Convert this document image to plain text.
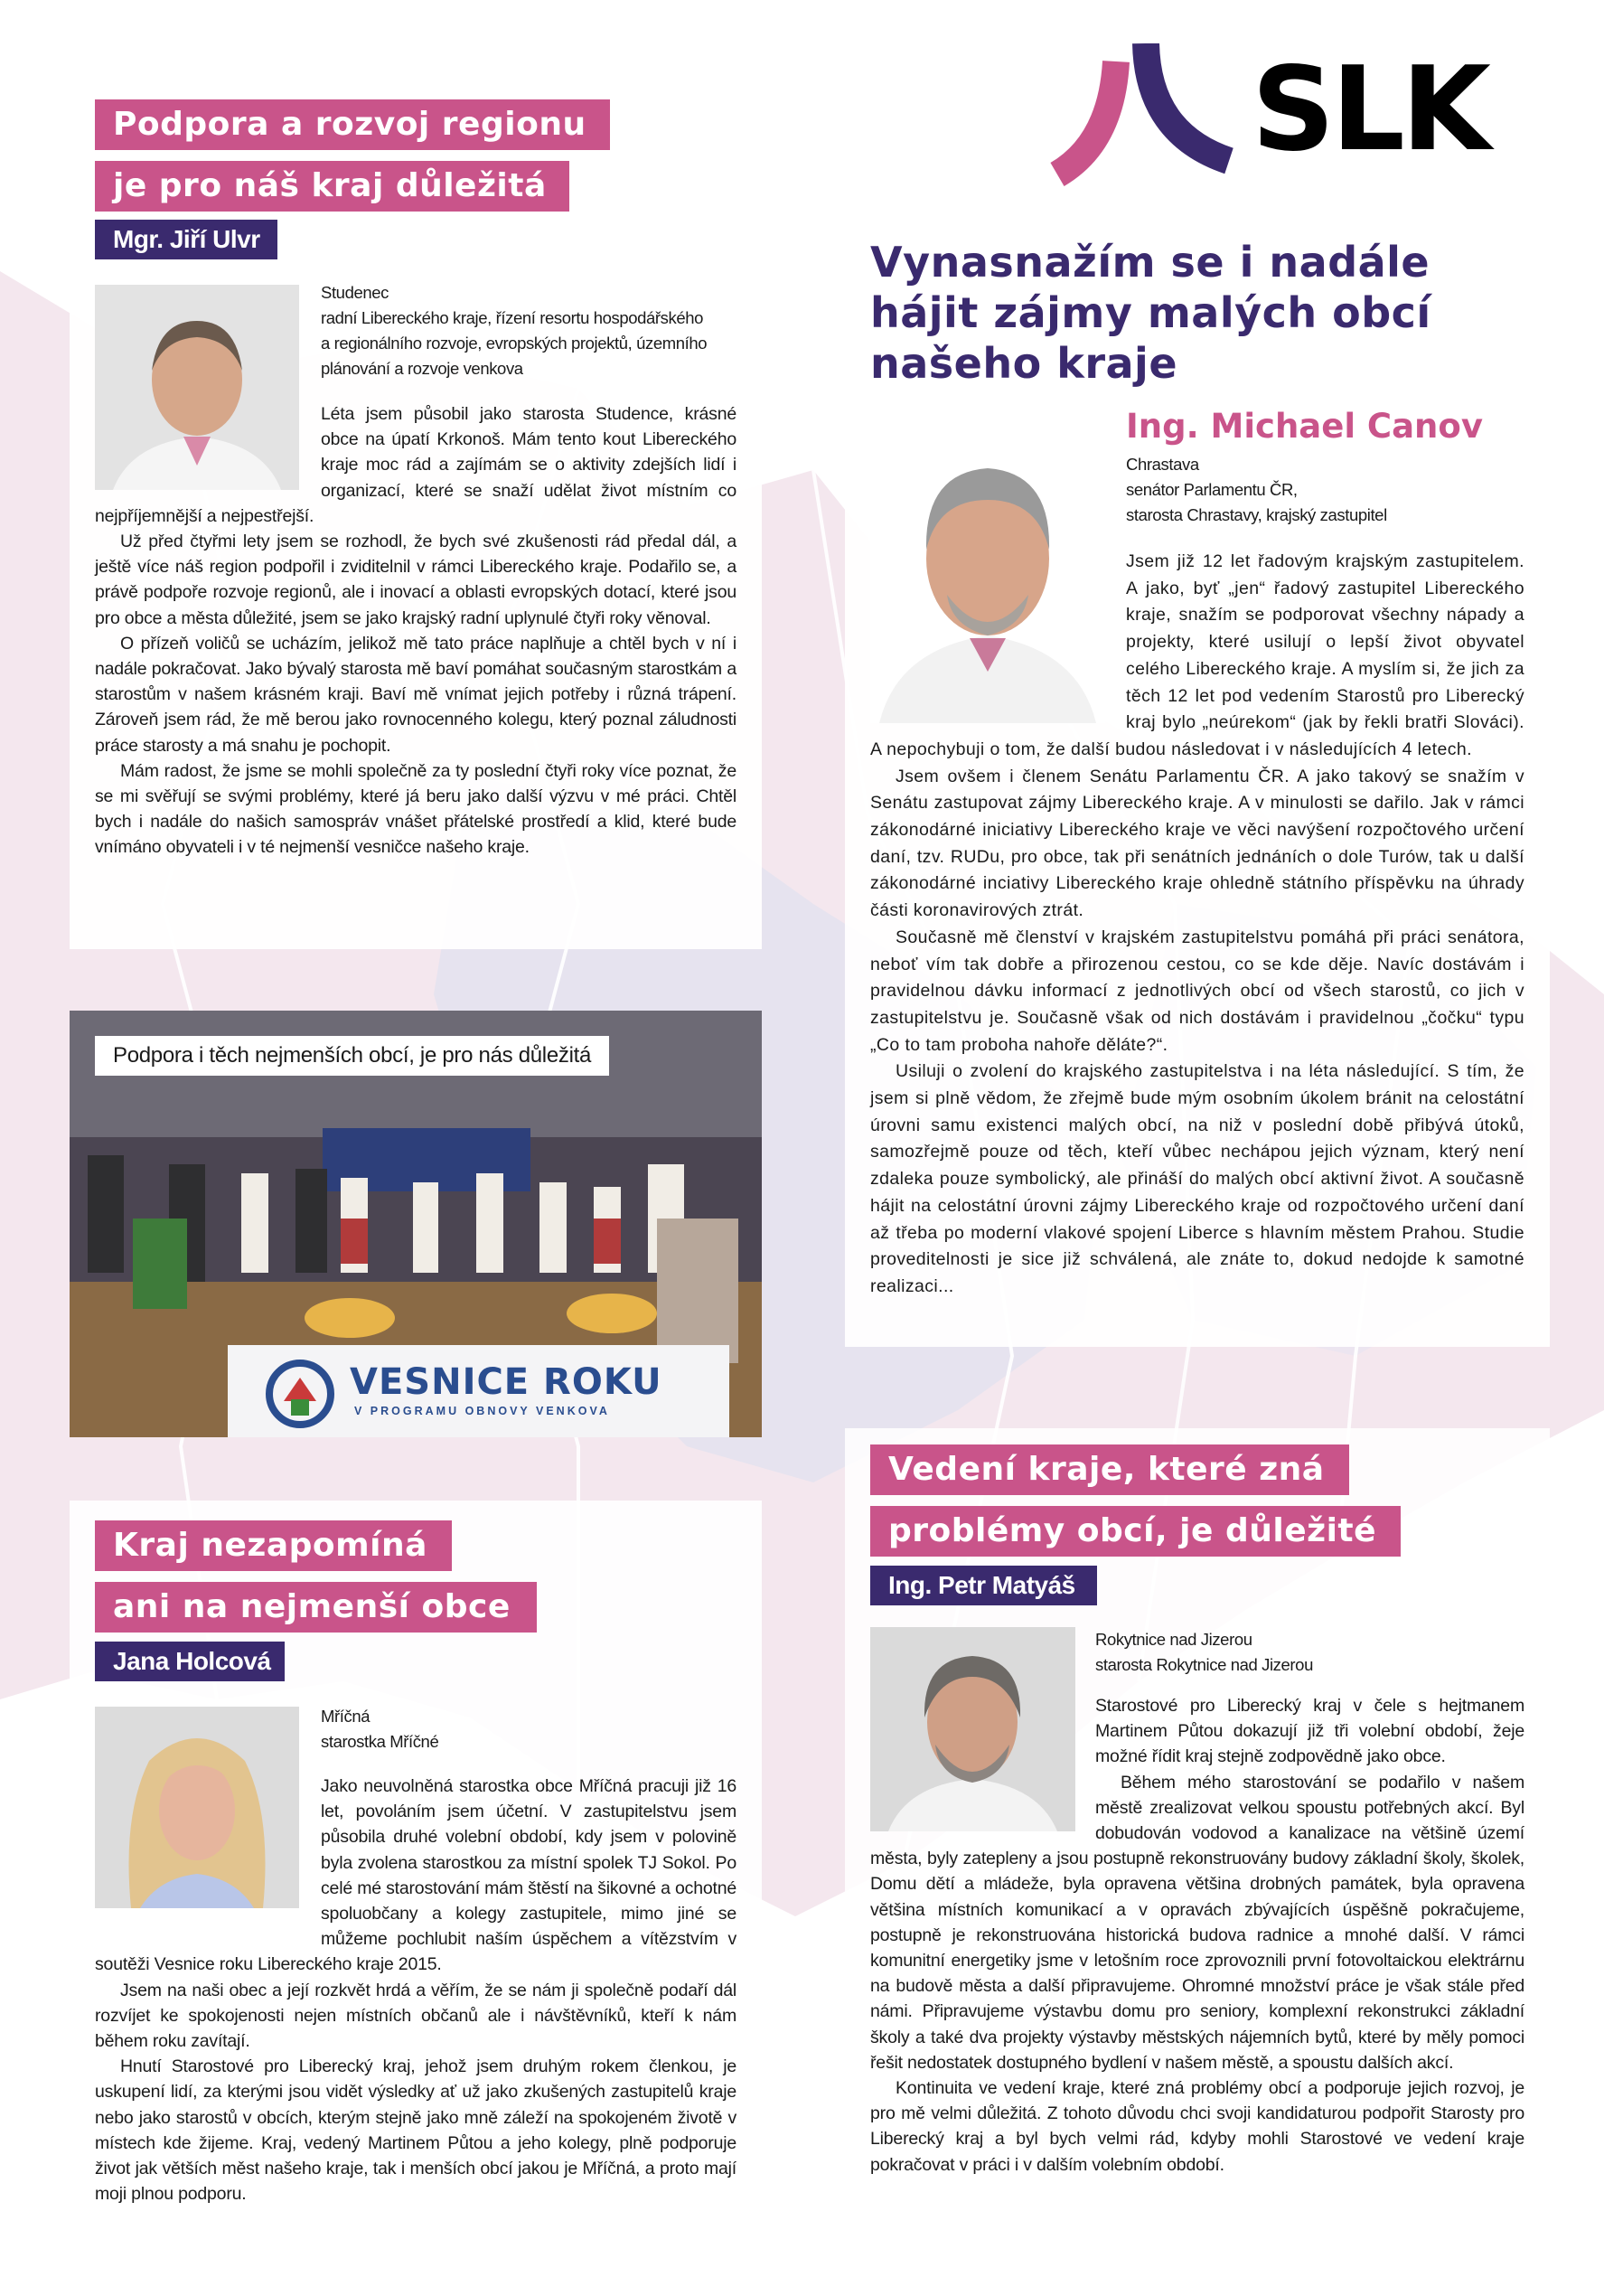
SLK
Podpora a rozvoj regionu
je pro náš kraj důležitá
Mgr. Jiří Ulvr
Studenec
radní Libereckého kraje, řízení resortu hospodářského
a regionálního rozvoje, evropských projektů, územního
plánování a rozvoje venkova

Léta jsem působil jako starosta Studence, krásné obce na úpatí Krkonoš. Mám tento kout Libereckého kraje moc rád a zajímám se o aktivity zdejších lidí i organizací, které se snaží udělat život místním co nejpříjemnější a nejpestřejší.

Už před čtyřmi lety jsem se rozhodl, že bych své zkušenosti rád předal dál, a ještě více náš region podpořil i zviditelnil v rámci Libereckého kraje. Podařilo se, a právě podpoře rozvoje regionů, ale i inovací a oblasti evropských dotací, které jsou pro obce a města důležité, jsem se jako krajský radní uplynulé čtyři roky věnoval.

O přízeň voličů se ucházím, jelikož mě tato práce naplňuje a chtěl bych v ní i nadále pokračovat. Jako bývalý starosta mě baví pomáhat současným starostkám a starostům v našem krásném kraji. Baví mě vnímat jejich potřeby i různá trápení. Zároveň jsem rád, že mě berou jako rovnocenného kolegu, který poznal záludnosti práce starosty a má snahu je pochopit.

Mám radost, že jsme se mohli společně za ty poslední čtyři roky více poznat, že se mi svěřují se svými problémy, které já beru jako další výzvu v mé práci. Chtěl bych i nadále do našich samospráv vnášet přátelské prostředí a klid, které bude vnímáno obyvateli i v té nejmenší vesničce našeho kraje.

VESNICE ROKU
V PROGRAMU OBNOVY VENKOVA
Podpora i těch nejmenších obcí, je pro nás důležitá
Kraj nezapomíná
ani na nejmenší obce
Jana Holcová
Mříčná
starostka Mříčné

Jako neuvolněná starostka obce Mříčná pracuji již 16 let, povoláním jsem účetní. V zastupitelstvu jsem působila druhé volební období, kdy jsem v polovině byla zvolena starostkou za místní spolek TJ Sokol. Po celé mé starostování mám štěstí na šikovné a ochotné spoluobčany a kolegy zastupitele, mimo jiné se můžeme pochlubit naším úspěchem a vítězstvím v soutěži Vesnice roku Libereckého kraje 2015.

Jsem na naši obec a její rozkvět hrdá a věřím, že se nám ji společně podaří dál rozvíjet ke spokojenosti nejen místních občanů ale i návštěvníků, kteří k nám během roku zavítají.

Hnutí Starostové pro Liberecký kraj, jehož jsem druhým rokem členkou, je uskupení lidí, za kterými jsou vidět výsledky ať už jako zkušených zastupitelů kraje nebo jako starostů v obcích, kterým stejně jako mně záleží na spokojeném životě v místech kde žijeme. Kraj, vedený Martinem Půtou a jeho kolegy, plně podporuje život jak větších měst našeho kraje, tak i menších obcí jakou je Mříčná, a proto mají moji plnou podporu.

Vynasnažím se i nadále
hájit zájmy malých obcí
našeho kraje
Ing. Michael Canov
Chrastava
senátor Parlamentu ČR,
starosta Chrastavy, krajský zastupitel

Jsem již 12 let řadovým krajským zastupitelem. A jako, byť „jen“ řadový zastupitel Libereckého kraje, snažím se podporovat všechny nápady a projekty, které usilují o lepší život obyvatel celého Libereckého kraje. A myslím si, že jich za těch 12 let pod vedením Starostů pro Liberecký kraj bylo „neúrekom“ (jak by řekli bratři Slováci). A nepochybuji o tom, že další budou následovat i v následujících 4 letech.

Jsem ovšem i členem Senátu Parlamentu ČR. A jako takový se snažím v Senátu zastupovat zájmy Libereckého kraje. A v minulosti se dařilo. Jak v rámci zákonodárné iniciativy Libereckého kraje ve věci navýšení rozpočtového určení daní, tzv. RUDu, pro obce, tak při senátních jednáních o dole Turów, tak u další zákonodárné inciativy Libereckého kraje ohledně státního příspěvku na úhrady části koronavirových ztrát.

Současně mě členství v krajském zastupitelstvu pomáhá při práci senátora, neboť vím tak dobře a přirozenou cestou, co se kde děje. Navíc dostávám i pravidelnou dávku informací z jednotlivých obcí od všech starostů, co jich v zastupitelstvu je. Současně však od nich dostávám i pravidelnou „čočku“ typu „Co to tam proboha nahoře děláte?“.

Usiluji o zvolení do krajského zastupitelstva i na léta následující. S tím, že jsem si plně vědom, že zřejmě bude mým osobním úkolem bránit na celostátní úrovni samu existenci malých obcí, na niž v poslední době přibývá útoků, samozřejmě pouze od těch, kteří vůbec nechápou jejich význam, který není zdaleka pouze symbolický, ale přináší do malých obcí aktivní život. A současně hájit na celostátní úrovni zájmy Libereckého kraje od rozpočtového určení daní až třeba po moderní vlakové spojení Liberce s hlavním městem Prahou. Studie proveditelnosti je sice již schválená, ale znáte to, dokud nedojde k samotné realizaci...

Vedení kraje, které zná
problémy obcí, je důležité
Ing. Petr Matyáš
Rokytnice nad Jizerou
starosta Rokytnice nad Jizerou

Starostové pro Liberecký kraj v čele s hejtmanem Martinem Půtou dokazují již tři volební období, žeje možné řídit kraj stejně zodpovědně jako obce.

Během mého starostování se podařilo v našem městě zrealizovat velkou spoustu potřebných akcí. Byl dobudován vodovod a kanalizace na většině území města, byly zatepleny a jsou postupně rekonstruovány budovy základní školy, školek, Domu dětí a mládeže, byla opravena většina drobných památek, byla opravena většina místních komunikací a v opravách zbývajících úspěšně pokračujeme, postupně je rekonstruována historická budova radnice a mnohé další. V rámci komunitní energetiky jsme v letošním roce zprovoznili první fotovoltaickou elektrárnu na budově města a další připravujeme. Ohromné množství práce je však stále před námi. Připravujeme výstavbu domu pro seniory, komplexní rekonstrukci základní školy a také dva projekty výstavby městských nájemních bytů, které by měly pomoci řešit nedostatek dostupného bydlení v našem městě, a spoustu dalších akcí.

Kontinuita ve vedení kraje, které zná problémy obcí a podporuje jejich rozvoj, je pro mě velmi důležitá. Z tohoto důvodu chci svoji kandidaturou podpořit Starosty pro Liberecký kraj a byl bych velmi rád, kdyby mohli Starostové ve vedení kraje pokračovat v práci i v dalším volebním období.
